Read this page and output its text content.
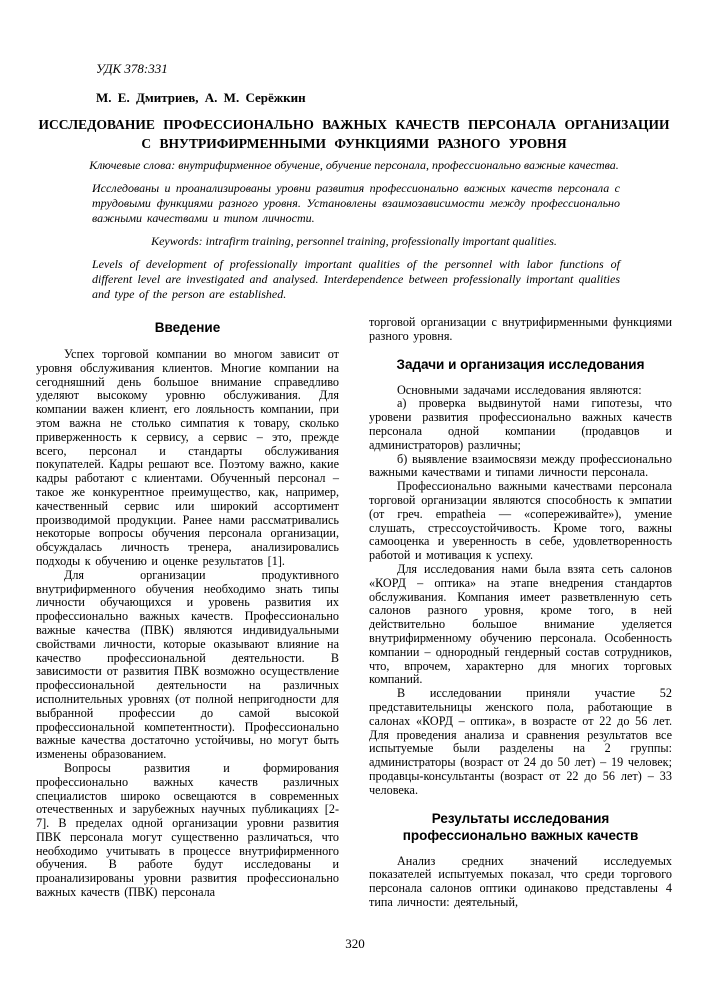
УДК 378:331
М. Е. Дмитриев, А. М. Серёжкин
ИССЛЕДОВАНИЕ ПРОФЕССИОНАЛЬНО ВАЖНЫХ КАЧЕСТВ ПЕРСОНАЛА ОРГАНИЗАЦИИ
С ВНУТРИФИРМЕННЫМИ ФУНКЦИЯМИ РАЗНОГО УРОВНЯ
Ключевые слова: внутрифирменное обучение, обучение персонала, профессионально важные качества.
Исследованы и проанализированы уровни развития профессионально важных качеств персонала с трудовыми функциями разного уровня. Установлены взаимозависимости между профессионально важными качествами и типом личности.
Keywords: intrafirm training, personnel training, professionally important qualities.
Levels of development of professionally important qualities of the personnel with labor functions of different level are investigated and analysed. Interdependence between professionally important qualities and type of the person are established.
Введение

Успех торговой компании во многом зависит от уровня обслуживания клиентов. Многие компании на сегодняшний день большое внимание справедливо уделяют высокому уровню обслуживания. Для компании важен клиент, его лояльность компании, при этом важна не столько симпатия к товару, сколько приверженность к сервису, а сервис – это, прежде всего, персонал и стандарты обслуживания покупателей. Кадры решают все. Поэтому важно, какие кадры работают с клиентами. Обученный персонал – такое же конкурентное преимущество, как, например, качественный сервис или широкий ассортимент производимой продукции. Ранее нами рассматривались некоторые вопросы обучения персонала организации, обсуждалась личность тренера, анализировались подходы к обучению и оценке результатов [1].

Для организации продуктивного внутрифирменного обучения необходимо знать типы личности обучающихся и уровень развития их профессионально важных качеств. Профессионально важные качества (ПВК) являются индивидуальными свойствами личности, которые оказывают влияние на качество профессиональной деятельности. В зависимости от развития ПВК возможно осуществление профессиональной деятельности на различных исполнительных уровнях (от полной непригодности для выбранной профессии до самой высокой профессиональной компетентности). Профессионально важные качества достаточно устойчивы, но могут быть изменены образованием.

Вопросы развития и формирования профессионально важных качеств различных специалистов широко освещаются в современных отечественных и зарубежных научных публикациях [2-7]. В пределах одной организации уровни развития ПВК персонала могут существенно различаться, что необходимо учитывать в процессе внутрифирменного обучения. В работе будут исследованы и проанализированы уровни развития профессионально важных качеств (ПВК) персонала

торговой организации с внутрифирменными функциями разного уровня.

Задачи и организация исследования

Основными задачами исследования являются:

а) проверка выдвинутой нами гипотезы, что уровени развития профессионально важных качеств персонала одной компании (продавцов и администраторов) различны;

б) выявление взаимосвязи между профессионально важными качествами и типами личности персонала.

Профессионально важными качествами персонала торговой организации являются способность к эмпатии (от греч. empatheia — «сопереживайте»), умение слушать, стрессоустойчивость. Кроме того, важны самооценка и уверенность в себе, удовлетворенность работой и мотивация к успеху.

Для исследования нами была взята сеть салонов «КОРД – оптика» на этапе внедрения стандартов обслуживания. Компания имеет разветвленную сеть салонов разного уровня, кроме того, в ней действительно большое внимание уделяется внутрифирменному обучению персонала. Особенность компании – однородный гендерный состав сотрудников, что, впрочем, характерно для многих торговых компаний.

В исследовании приняли участие 52 представительницы женского пола, работающие в салонах «КОРД – оптика», в возрасте от 22 до 56 лет. Для проведения анализа и сравнения результатов все испытуемые были разделены на 2 группы: администраторы (возраст от 24 до 50 лет) – 19 человек; продавцы-консультанты (возраст от 22 до 56 лет) – 33 человека.

Результаты исследования профессионально важных качеств

Анализ средних значений исследуемых показателей испытуемых показал, что среди торгового персонала салонов оптики одинаково представлены 4 типа личности: деятельный,

320
